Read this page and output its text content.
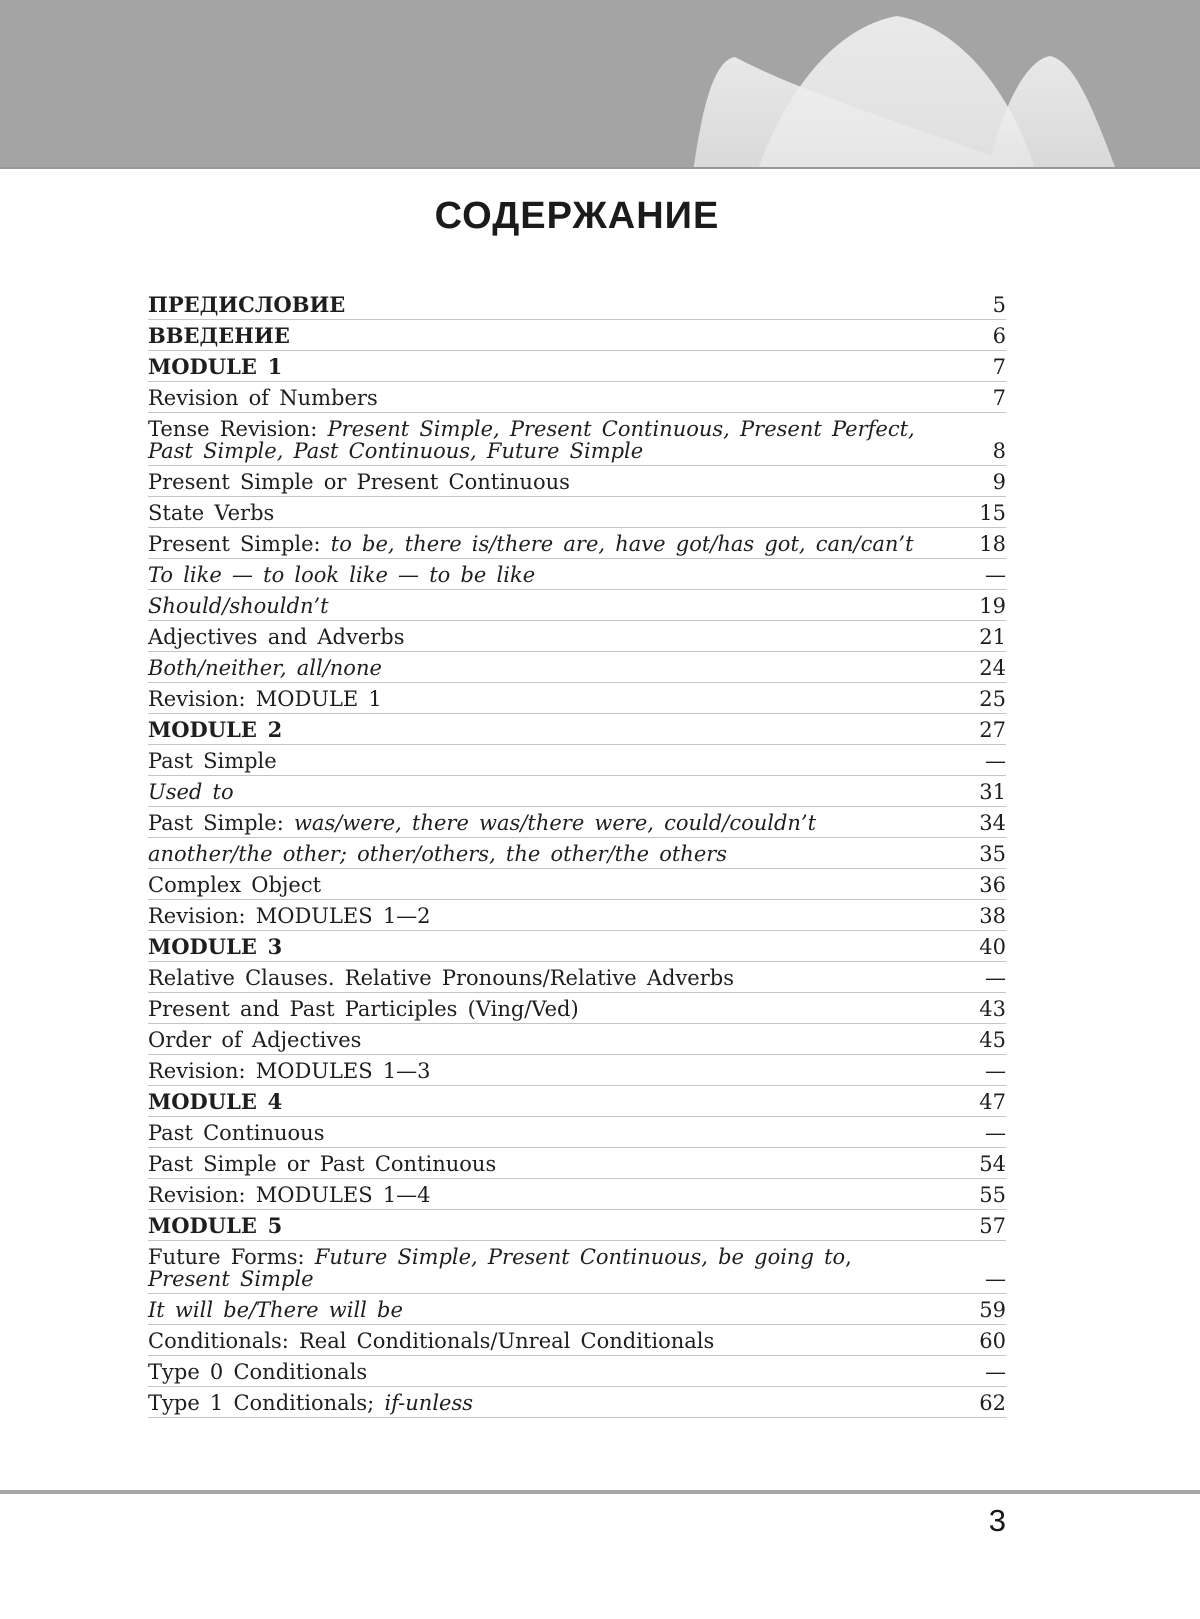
СОДЕРЖАНИЕ
ПРЕДИСЛОВИЕ	5
ВВЕДЕНИЕ	6
MODULE 1	7
Revision of Numbers	7
Tense Revision: Present Simple, Present Continuous, Present Perfect,
Past Simple, Past Continuous, Future Simple	8
Present Simple or Present Continuous	9
State Verbs	15
Present Simple: to be, there is/there are, have got/has got, can/can’t	18
To like — to look like — to be like	—
Should/shouldn’t	19
Adjectives and Adverbs	21
Both/neither, all/none	24
Revision: MODULE 1	25
MODULE 2	27
Past Simple	—
Used to	31
Past Simple: was/were, there was/there were, could/couldn’t	34
another/the other; other/others, the other/the others	35
Complex Object	36
Revision: MODULES 1—2	38
MODULE 3	40
Relative Clauses. Relative Pronouns/Relative Adverbs	—
Present and Past Participles (Ving/Ved)	43
Order of Adjectives	45
Revision: MODULES 1—3	—
MODULE 4	47
Past Continuous	—
Past Simple or Past Continuous	54
Revision: MODULES 1—4	55
MODULE 5	57
Future Forms: Future Simple, Present Continuous, be going to,
Present Simple	—
It will be/There will be	59
Conditionals: Real Conditionals/Unreal Conditionals	60
Type 0 Conditionals	—
Type 1 Conditionals; if-unless	62
3
